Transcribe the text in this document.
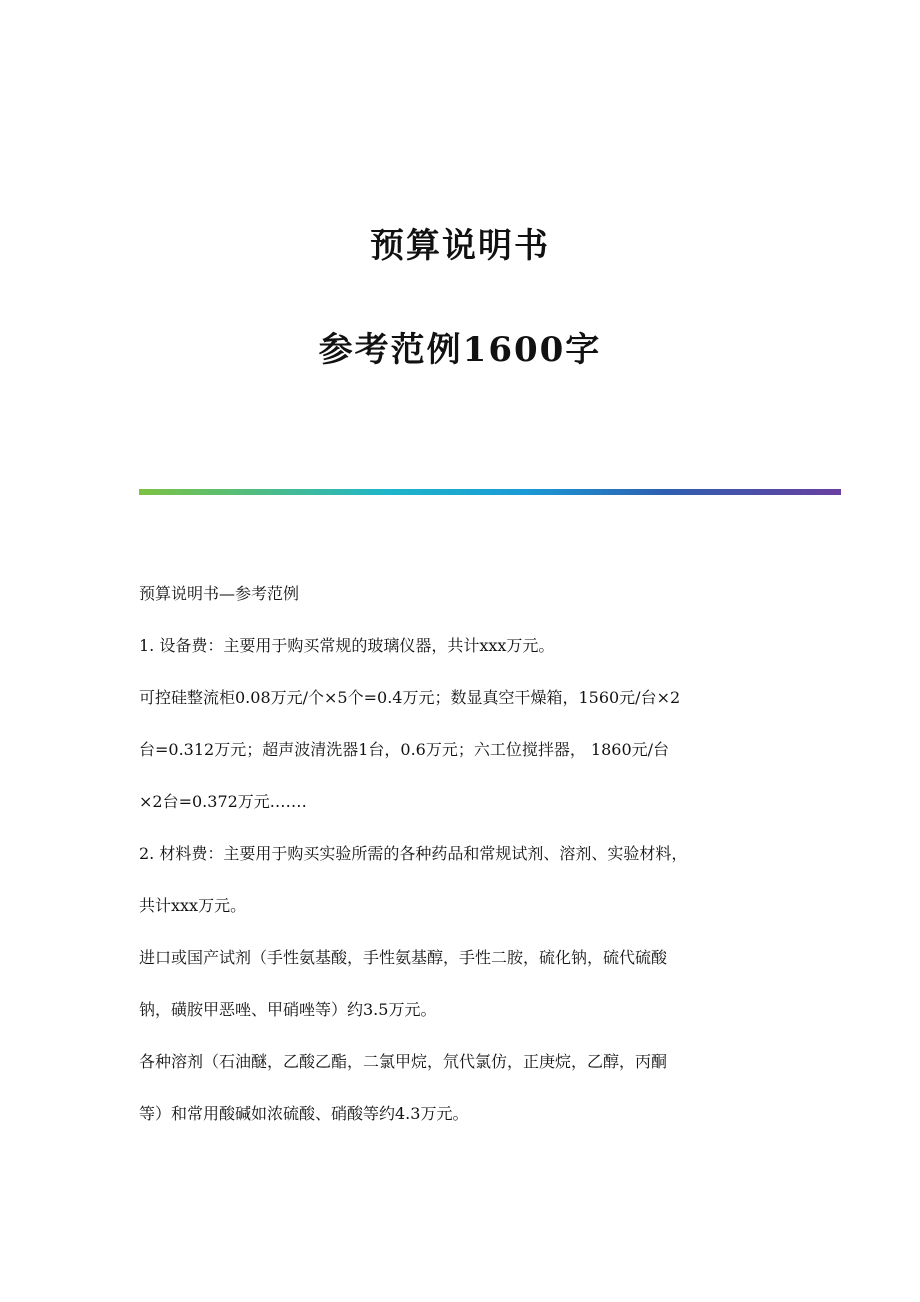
预算说明书
参考范例1600字

预算说明书—参考范例

1. 设备费：主要用于购买常规的玻璃仪器，共计xxx万元。

可控硅整流柜0.08万元/个×5个=0.4万元；数显真空干燥箱，1560元/台×2

台=0.312万元；超声波清洗器1台，0.6万元；六工位搅拌器， 1860元/台

×2台=0.372万元.……

2. 材料费：主要用于购买实验所需的各种药品和常规试剂、溶剂、实验材料，

共计xxx万元。

进口或国产试剂（手性氨基酸，手性氨基醇，手性二胺，硫化钠，硫代硫酸

钠，磺胺甲恶唑、甲硝唑等）约3.5万元。

各种溶剂（石油醚，乙酸乙酯，二氯甲烷，氘代氯仿，正庚烷，乙醇，丙酮

等）和常用酸碱如浓硫酸、硝酸等约4.3万元。
